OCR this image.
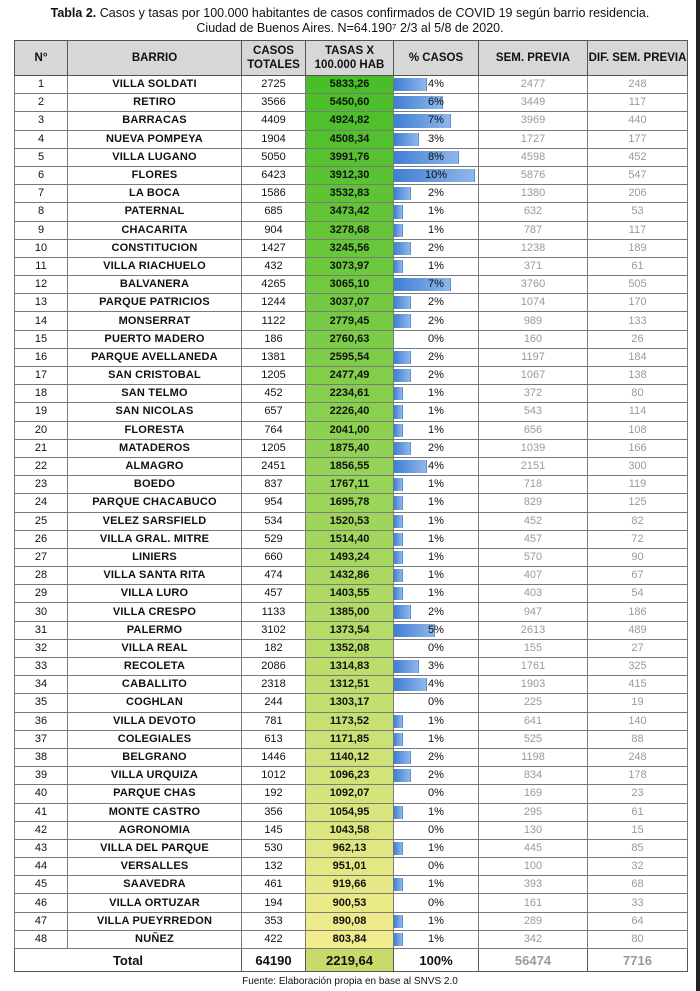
Tabla 2. Casos y tasas por 100.000 habitantes de casos confirmados de COVID 19 según barrio residencia.
Ciudad de Buenos Aires. N=64.190⁷ 2/3 al 5/8 de 2020.
N°	BARRIO	CASOS TOTALES	TASAS X 100.000 HAB	% CASOS	SEM. PREVIA	DIF. SEM. PREVIA
1	VILLA SOLDATI	2725	5833,26	4%	2477	248
2	RETIRO	3566	5450,60	6%	3449	117
3	BARRACAS	4409	4924,82	7%	3969	440
4	NUEVA POMPEYA	1904	4508,34	3%	1727	177
5	VILLA LUGANO	5050	3991,76	8%	4598	452
6	FLORES	6423	3912,30	10%	5876	547
7	LA BOCA	1586	3532,83	2%	1380	206
8	PATERNAL	685	3473,42	1%	632	53
9	CHACARITA	904	3278,68	1%	787	117
10	CONSTITUCION	1427	3245,56	2%	1238	189
11	VILLA RIACHUELO	432	3073,97	1%	371	61
12	BALVANERA	4265	3065,10	7%	3760	505
13	PARQUE PATRICIOS	1244	3037,07	2%	1074	170
14	MONSERRAT	1122	2779,45	2%	989	133
15	PUERTO MADERO	186	2760,63	0%	160	26
16	PARQUE AVELLANEDA	1381	2595,54	2%	1197	184
17	SAN CRISTOBAL	1205	2477,49	2%	1067	138
18	SAN TELMO	452	2234,61	1%	372	80
19	SAN NICOLAS	657	2226,40	1%	543	114
20	FLORESTA	764	2041,00	1%	656	108
21	MATADEROS	1205	1875,40	2%	1039	166
22	ALMAGRO	2451	1856,55	4%	2151	300
23	BOEDO	837	1767,11	1%	718	119
24	PARQUE CHACABUCO	954	1695,78	1%	829	125
25	VELEZ SARSFIELD	534	1520,53	1%	452	82
26	VILLA GRAL. MITRE	529	1514,40	1%	457	72
27	LINIERS	660	1493,24	1%	570	90
28	VILLA SANTA RITA	474	1432,86	1%	407	67
29	VILLA LURO	457	1403,55	1%	403	54
30	VILLA CRESPO	1133	1385,00	2%	947	186
31	PALERMO	3102	1373,54	5%	2613	489
32	VILLA REAL	182	1352,08	0%	155	27
33	RECOLETA	2086	1314,83	3%	1761	325
34	CABALLITO	2318	1312,51	4%	1903	415
35	COGHLAN	244	1303,17	0%	225	19
36	VILLA DEVOTO	781	1173,52	1%	641	140
37	COLEGIALES	613	1171,85	1%	525	88
38	BELGRANO	1446	1140,12	2%	1198	248
39	VILLA URQUIZA	1012	1096,23	2%	834	178
40	PARQUE CHAS	192	1092,07	0%	169	23
41	MONTE CASTRO	356	1054,95	1%	295	61
42	AGRONOMIA	145	1043,58	0%	130	15
43	VILLA DEL PARQUE	530	962,13	1%	445	85
44	VERSALLES	132	951,01	0%	100	32
45	SAAVEDRA	461	919,66	1%	393	68
46	VILLA ORTUZAR	194	900,53	0%	161	33
47	VILLA PUEYRREDON	353	890,08	1%	289	64
48	NUÑEZ	422	803,84	1%	342	80
Total		64190	2219,64	100%	56474	7716
Fuente: Elaboración propia en base al SNVS 2.0
